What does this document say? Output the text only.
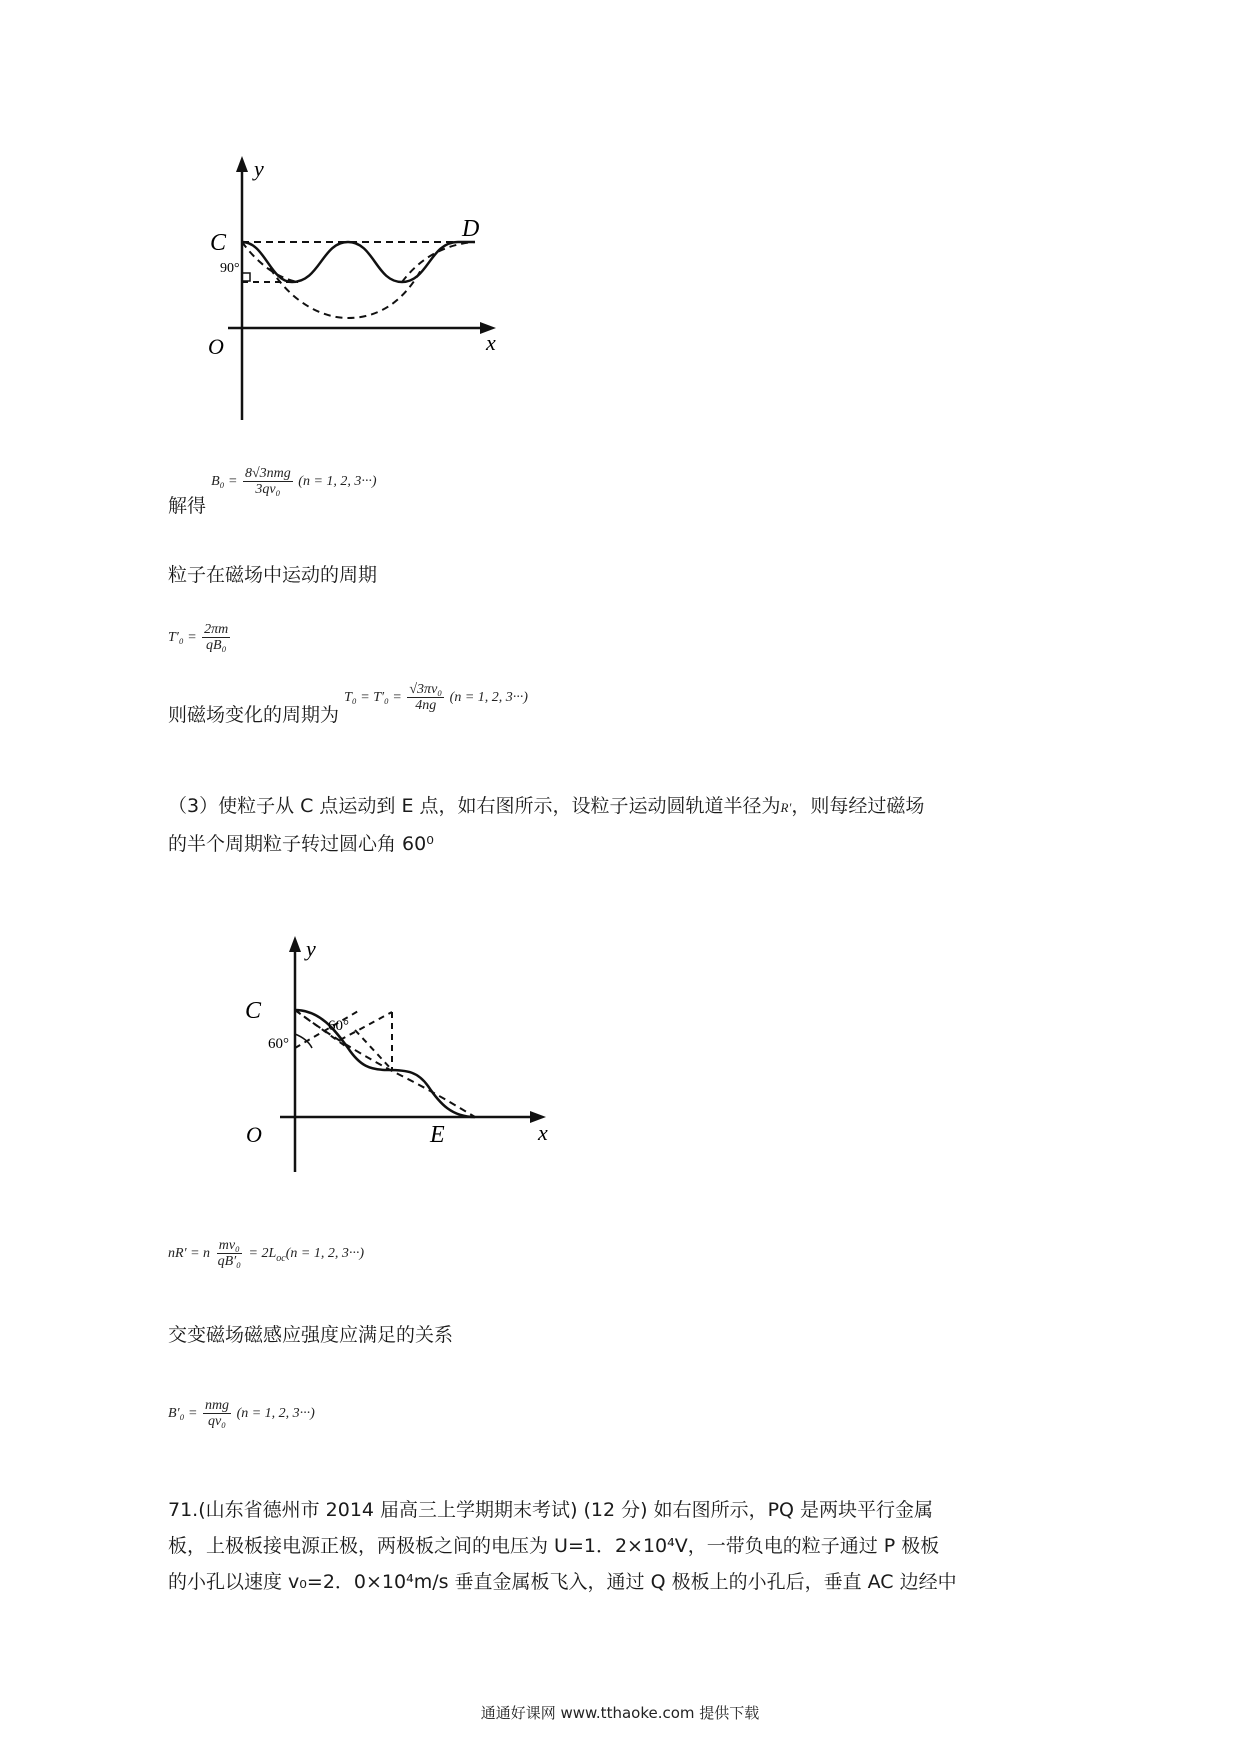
y
x
O
C
D
90°
解得 $B_0 = \frac{\text{8√3nmg}}{\text{3qv₀}} (n = 1$, 2, 3···)
粒子在磁场中运动的周期
$T'_0 = \frac{2\pi m}{\text{qB₀}}$
则磁场变化的周期为 $T_0 = T'_0 = \frac{\text{√3πv₀}}{4ng} (n = 1$, 2, 3···)
（3）使粒子从 C 点运动到 E 点，如右图所示，设粒子运动圆轨道半径为R′，则每经过磁场
的半个周期粒子转过圆心角 60⁰
y
x
O
C
E
60°
60°
nR′ = n $\frac{\text{mv₀}}{\text{qB′₀}} = 2L_{oc}(n = 1$, 2, 3···)
交变磁场磁感应强度应满足的关系
$B'_0 = \frac{\text{nmg}}{\text{qv₀}} (n = 1$, 2, 3···)
71.(山东省德州市 2014 届高三上学期期末考试) (12 分) 如右图所示，PQ 是两块平行金属
板，上极板接电源正极，两极板之间的电压为 U=1．2×10⁴V，一带负电的粒子通过 P 极板
的小孔以速度 v₀=2．0×10⁴m/s 垂直金属板飞入，通过 Q 极板上的小孔后，垂直 AC 边经中
通通好课网 www.tthaoke.com 提供下载
